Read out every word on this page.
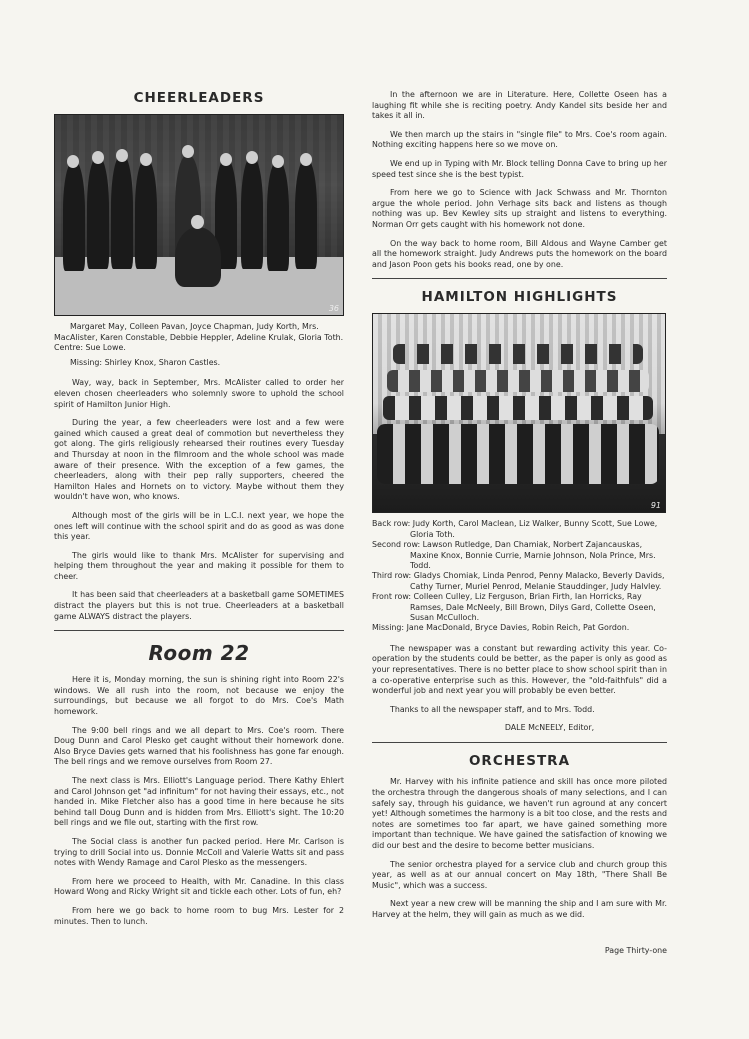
CHEERLEADERS
36

Margaret May, Colleen Pavan, Joyce Chapman, Judy Korth, Mrs. MacAlister, Karen Constable, Debbie Heppler, Adeline Krulak, Gloria Toth. Centre: Sue Lowe.

Missing: Shirley Knox, Sharon Castles.

Way, way, back in September, Mrs. McAlister called to order her eleven chosen cheerleaders who solemnly swore to uphold the school spirit of Hamilton Junior High.

During the year, a few cheerleaders were lost and a few were gained which caused a great deal of commotion but nevertheless they got along. The girls religiously rehearsed their routines every Tuesday and Thursday at noon in the filmroom and the whole school was made aware of their presence. With the exception of a few games, the cheerleaders, along with their pep rally supporters, cheered the Hamilton Hales and Hornets on to victory. Maybe without them they wouldn't have won, who knows.

Although most of the girls will be in L.C.I. next year, we hope the ones left will continue with the school spirit and do as good as was done this year.

The girls would like to thank Mrs. McAlister for supervising and helping them throughout the year and making it possible for them to cheer.

It has been said that cheerleaders at a basketball game SOMETIMES distract the players but this is not true. Cheerleaders at a basketball game ALWAYS distract the players.

Room 22

Here it is, Monday morning, the sun is shining right into Room 22's windows. We all rush into the room, not because we enjoy the surroundings, but because we all forgot to do Mrs. Coe's Math homework.

The 9:00 bell rings and we all depart to Mrs. Coe's room. There Doug Dunn and Carol Plesko get caught without their homework done. Also Bryce Davies gets warned that his foolishness has gone far enough. The bell rings and we remove ourselves from Room 27.

The next class is Mrs. Elliott's Language period. There Kathy Ehlert and Carol Johnson get "ad infinitum" for not having their essays, etc., not handed in. Mike Fletcher also has a good time in here because he sits behind tall Doug Dunn and is hidden from Mrs. Elliott's sight. The 10:20 bell rings and we file out, starting with the first row.

The Social class is another fun packed period. Here Mr. Carlson is trying to drill Social into us. Donnie McColl and Valerie Watts sit and pass notes with Wendy Ramage and Carol Plesko as the messengers.

From here we proceed to Health, with Mr. Canadine. In this class Howard Wong and Ricky Wright sit and tickle each other. Lots of fun, eh?

From here we go back to home room to bug Mrs. Lester for 2 minutes. Then to lunch.

In the afternoon we are in Literature. Here, Collette Oseen has a laughing fit while she is reciting poetry. Andy Kandel sits beside her and takes it all in.

We then march up the stairs in "single file" to Mrs. Coe's room again. Nothing exciting happens here so we move on.

We end up in Typing with Mr. Block telling Donna Cave to bring up her speed test since she is the best typist.

From here we go to Science with Jack Schwass and Mr. Thornton argue the whole period. John Verhage sits back and listens as though nothing was up. Bev Kewley sits up straight and listens to everything. Norman Orr gets caught with his homework not done.

On the way back to home room, Bill Aldous and Wayne Camber get all the homework straight. Judy Andrews puts the homework on the board and Jason Poon gets his books read, one by one.

HAMILTON HIGHLIGHTS
91

Back row: Judy Korth, Carol Maclean, Liz Walker, Bunny Scott, Sue Lowe, Gloria Toth.

Second row: Lawson Rutledge, Dan Chamiak, Norbert Zajancauskas, Maxine Knox, Bonnie Currie, Marnie Johnson, Nola Prince, Mrs. Todd.

Third row: Gladys Chomiak, Linda Penrod, Penny Malacko, Beverly Davids, Cathy Turner, Muriel Penrod, Melanie Stauddinger, Judy Halvley.

Front row: Colleen Culley, Liz Ferguson, Brian Firth, Ian Horricks, Ray Ramses, Dale McNeely, Bill Brown, Dilys Gard, Collette Oseen, Susan McCulloch.

Missing: Jane MacDonald, Bryce Davies, Robin Reich, Pat Gordon.

The newspaper was a constant but rewarding activity this year. Co-operation by the students could be better, as the paper is only as good as your representatives. There is no better place to show school spirit than in a co-operative enterprise such as this. However, the "old-faithfuls" did a wonderful job and next year you will probably be even better.

Thanks to all the newspaper staff, and to Mrs. Todd.

DALE McNEELY, Editor,

ORCHESTRA

Mr. Harvey with his infinite patience and skill has once more piloted the orchestra through the dangerous shoals of many selections, and I can safely say, through his guidance, we haven't run aground at any concert yet! Although sometimes the harmony is a bit too close, and the rests and notes are sometimes too far apart, we have gained something more important than technique. We have gained the satisfaction of knowing we did our best and the desire to become better musicians.

The senior orchestra played for a service club and church group this year, as well as at our annual concert on May 18th, "There Shall Be Music", which was a success.

Next year a new crew will be manning the ship and I am sure with Mr. Harvey at the helm, they will gain as much as we did.

Page Thirty-one
